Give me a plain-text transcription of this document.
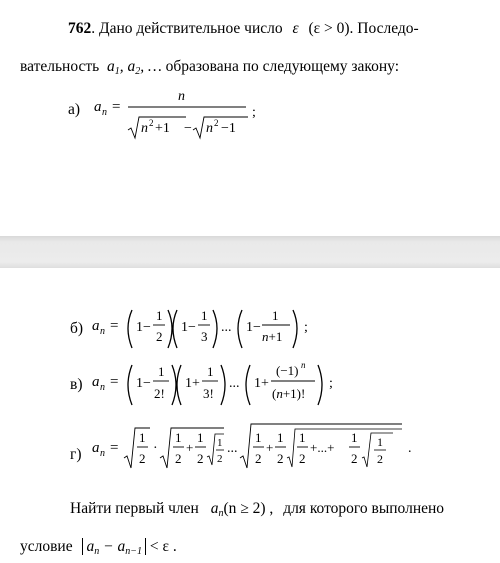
762. Дано действительное число ε (ε > 0). Последо-
вательность  $a_1$, $a_2$, … образована по следующему закону:
а) a n =
n
n 2 +1 − n 2 −1
;
б) a n = 1−
1
2
1−
1
3
... 1−
1
n+1
;
в) a n = 1−
1
2!
1+
1
3!
... 1+
(−1) n
(n+1)!
;
г) a n =
1
2
·
1
2
+
1
2
1
2
...
1
2
+
1
2
1
2
+...+
1
2
1
2
.
Найти первый член $a_n(n \ge 2)$ , для которого выполнено
условие $a_n - a_{n-1} < \varepsilon$ .
